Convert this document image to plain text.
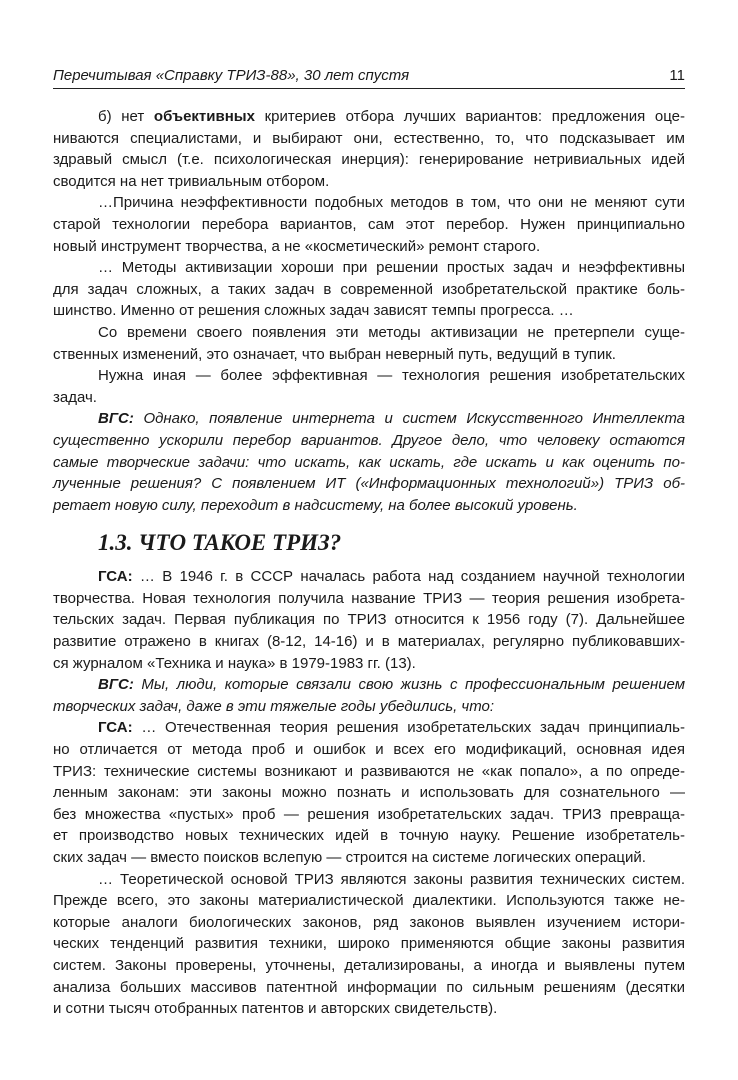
Перечитывая «Справку ТРИЗ-88», 30 лет спустя	11
б) нет объективных критериев отбора лучших вариантов: предложения оце-
ниваются специалистами, и выбирают они, естественно, то, что подсказывает им
здравый смысл (т.е. психологическая инерция): генерирование нетривиальных идей
сводится на нет тривиальным отбором.
…Причина неэффективности подобных методов в том, что они не меняют сути
старой технологии перебора вариантов, сам этот перебор. Нужен принципиально
новый инструмент творчества, а не «косметический» ремонт старого.
… Методы активизации хороши при решении простых задач и неэффективны
для задач сложных, а таких задач в современной изобретательской практике боль-
шинство. Именно от решения сложных задач зависят темпы прогресса. …
Со времени своего появления эти методы активизации не претерпели суще-
ственных изменений, это означает, что выбран неверный путь, ведущий в тупик.
Нужна иная — более эффективная — технология решения изобретательских
задач.
ВГС: Однако, появление интернета и систем Искусственного Интеллекта
существенно ускорили перебор вариантов. Другое дело, что человеку остаются
самые творческие задачи: что искать, как искать, где искать и как оценить по-
лученные решения? С появлением ИТ («Информационных технологий») ТРИЗ об-
ретает новую силу, переходит в надсистему, на более высокий уровень.
1.3. ЧТО ТАКОЕ ТРИЗ?
ГСА: … В 1946 г. в СССР началась работа над созданием научной технологии
творчества. Новая технология получила название ТРИЗ — теория решения изобрета-
тельских задач. Первая публикация по ТРИЗ относится к 1956 году (7). Дальнейшее
развитие отражено в книгах (8-12, 14-16) и в материалах, регулярно публиковавших-
ся журналом «Техника и наука» в 1979-1983 гг. (13).
ВГС: Мы, люди, которые связали свою жизнь с профессиональным решением
творческих задач, даже в эти тяжелые годы убедились, что:
ГСА: … Отечественная теория решения изобретательских задач принципиаль-
но отличается от метода проб и ошибок и всех его модификаций, основная идея
ТРИЗ: технические системы возникают и развиваются не «как попало», а по опреде-
ленным законам: эти законы можно познать и использовать для сознательного —
без множества «пустых» проб — решения изобретательских задач. ТРИЗ превраща-
ет производство новых технических идей в точную науку. Решение изобретатель-
ских задач — вместо поисков вслепую — строится на системе логических операций.
… Теоретической основой ТРИЗ являются законы развития технических систем.
Прежде всего, это законы материалистической диалектики. Используются также не-
которые аналоги биологических законов, ряд законов выявлен изучением истори-
ческих тенденций развития техники, широко применяются общие законы развития
систем. Законы проверены, уточнены, детализированы, а иногда и выявлены путем
анализа больших массивов патентной информации по сильным решениям (десятки
и сотни тысяч отобранных патентов и авторских свидетельств).
